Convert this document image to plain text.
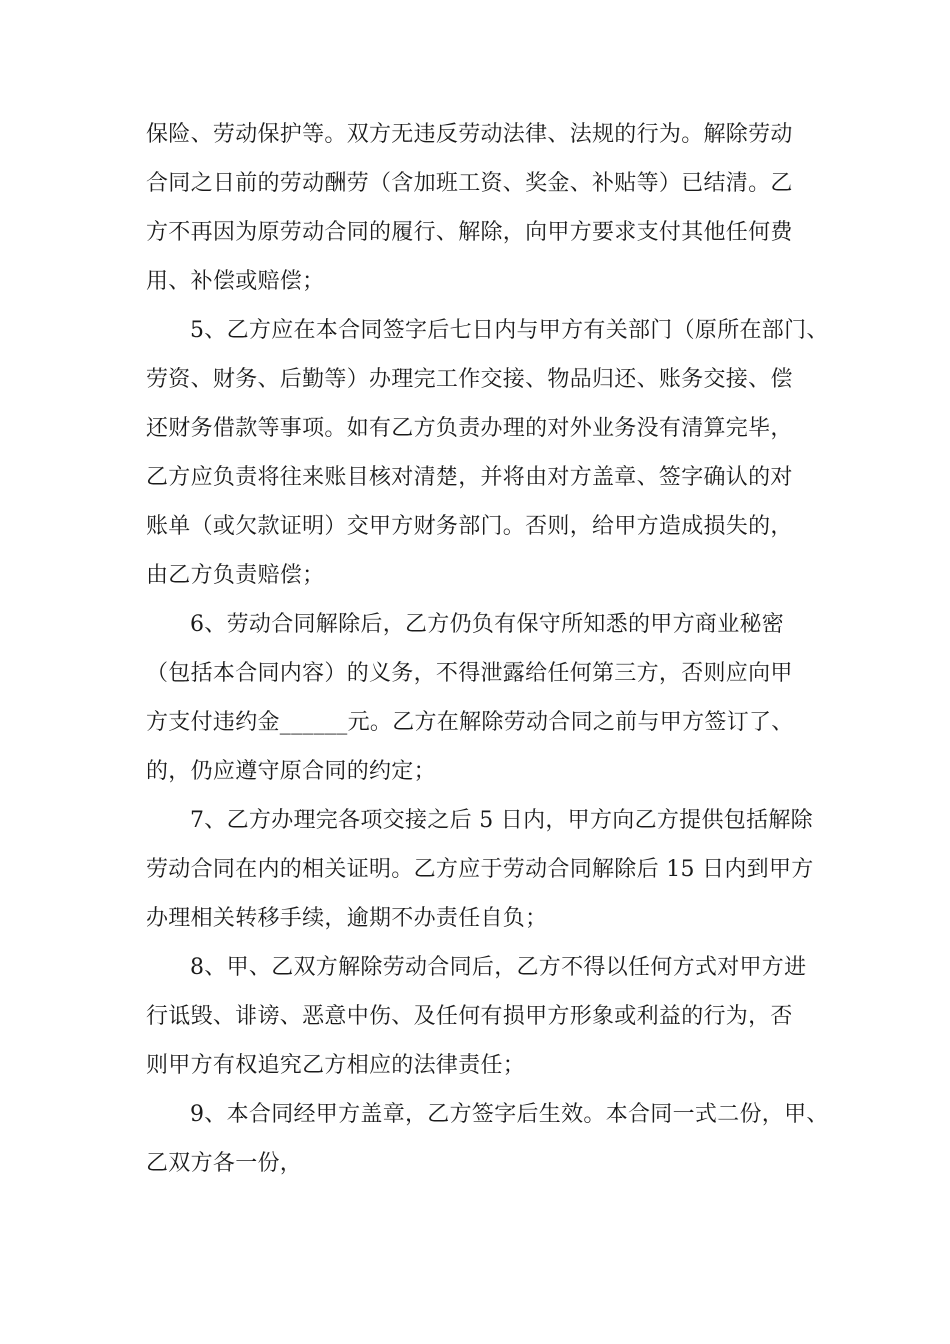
保险、劳动保护等。双方无违反劳动法律、法规的行为。解除劳动
合同之日前的劳动酬劳（含加班工资、奖金、补贴等）已结清。乙
方不再因为原劳动合同的履行、解除，向甲方要求支付其他任何费
用、补偿或赔偿；
5、乙方应在本合同签字后七日内与甲方有关部门（原所在部门、
劳资、财务、后勤等）办理完工作交接、物品归还、账务交接、偿
还财务借款等事项。如有乙方负责办理的对外业务没有清算完毕，
乙方应负责将往来账目核对清楚，并将由对方盖章、签字确认的对
账单（或欠款证明）交甲方财务部门。否则，给甲方造成损失的，
由乙方负责赔偿；
6、劳动合同解除后，乙方仍负有保守所知悉的甲方商业秘密
（包括本合同内容）的义务，不得泄露给任何第三方，否则应向甲
方支付违约金______元。乙方在解除劳动合同之前与甲方签订了、
的，仍应遵守原合同的约定；
7、乙方办理完各项交接之后 5 日内，甲方向乙方提供包括解除
劳动合同在内的相关证明。乙方应于劳动合同解除后 15 日内到甲方
办理相关转移手续，逾期不办责任自负；
8、甲、乙双方解除劳动合同后，乙方不得以任何方式对甲方进
行诋毁、诽谤、恶意中伤、及任何有损甲方形象或利益的行为，否
则甲方有权追究乙方相应的法律责任；
9、本合同经甲方盖章，乙方签字后生效。本合同一式二份，甲、
乙双方各一份，
